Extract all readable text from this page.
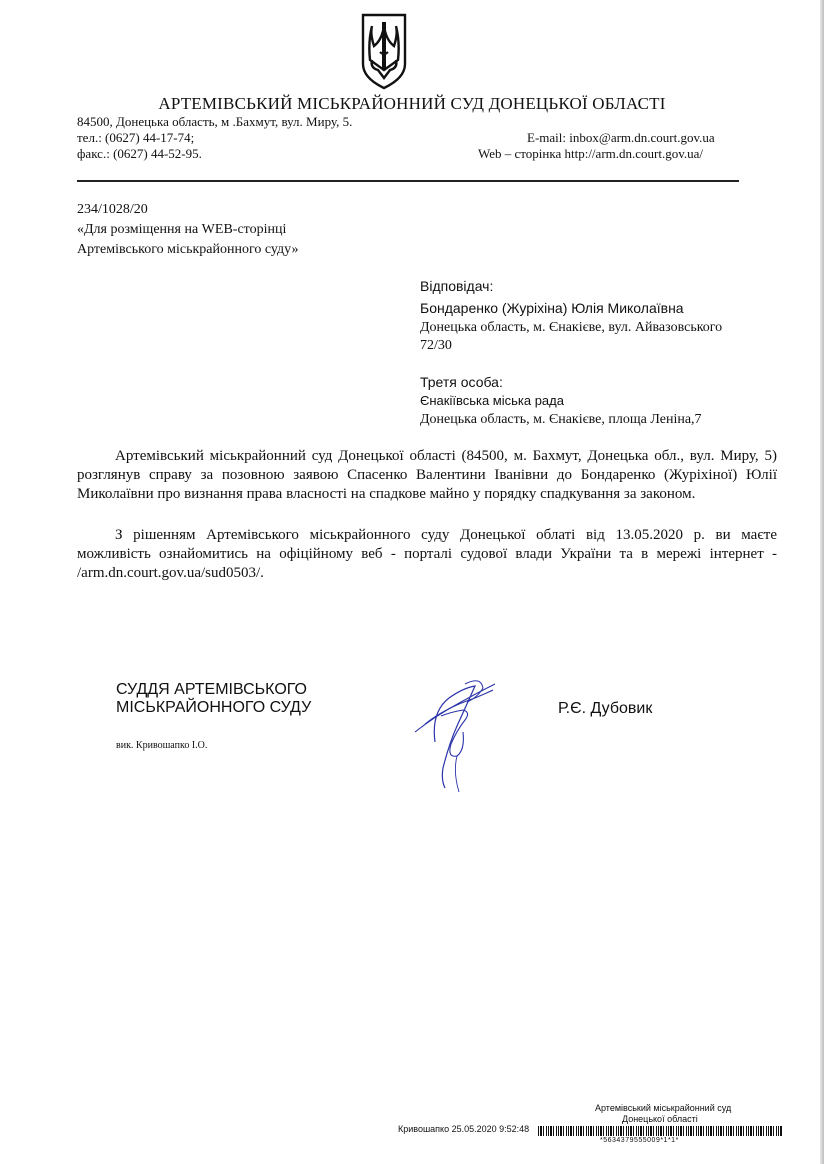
АРТЕМІВСЬКИЙ МІСЬКРАЙОННИЙ СУД ДОНЕЦЬКОЇ ОБЛАСТІ
84500, Донецька область, м .Бахмут, вул. Миру, 5.
тел.: (0627) 44-17-74;
факс.: (0627) 44-52-95.
E-mail: inbox@arm.dn.court.gov.ua
Web – сторінка http://arm.dn.court.gov.ua/
234/1028/20
«Для розміщення на WEB-сторінці
Артемівського міськрайонного суду»
Відповідач:
Бондаренко (Журіхіна) Юлія Миколаївна
Донецька область, м. Єнакієве, вул. Айвазовського
72/30
Третя особа:
Єнакіївська міська рада
Донецька область, м. Єнакієве, площа Леніна,7

Артемівський міськрайонний суд Донецької області (84500, м. Бахмут, Донецька обл., вул. Миру, 5) розглянув справу за позовною заявою Спасенко Валентини Іванівни до Бондаренко (Журіхіної) Юлії Миколаївни про визнання права власності на спадкове майно у порядку спадкування за законом.

З рішенням Артемівського міськрайонного суду Донецької облаті від 13.05.2020 р. ви маєте можливість ознайомитись на офіційному веб - порталі судової влади України та в мережі інтернет - /arm.dn.court.gov.ua/sud0503/.

СУДДЯ АРТЕМІВСЬКОГО
МІСЬКРАЙОННОГО СУДУ
вик. Кривошапко І.О.
Р.Є. Дубовик
Артемівський міськрайонний суд
Донецької області
Кривошапко 25.05.2020 9:52:48
*5634379555009*1*1*
